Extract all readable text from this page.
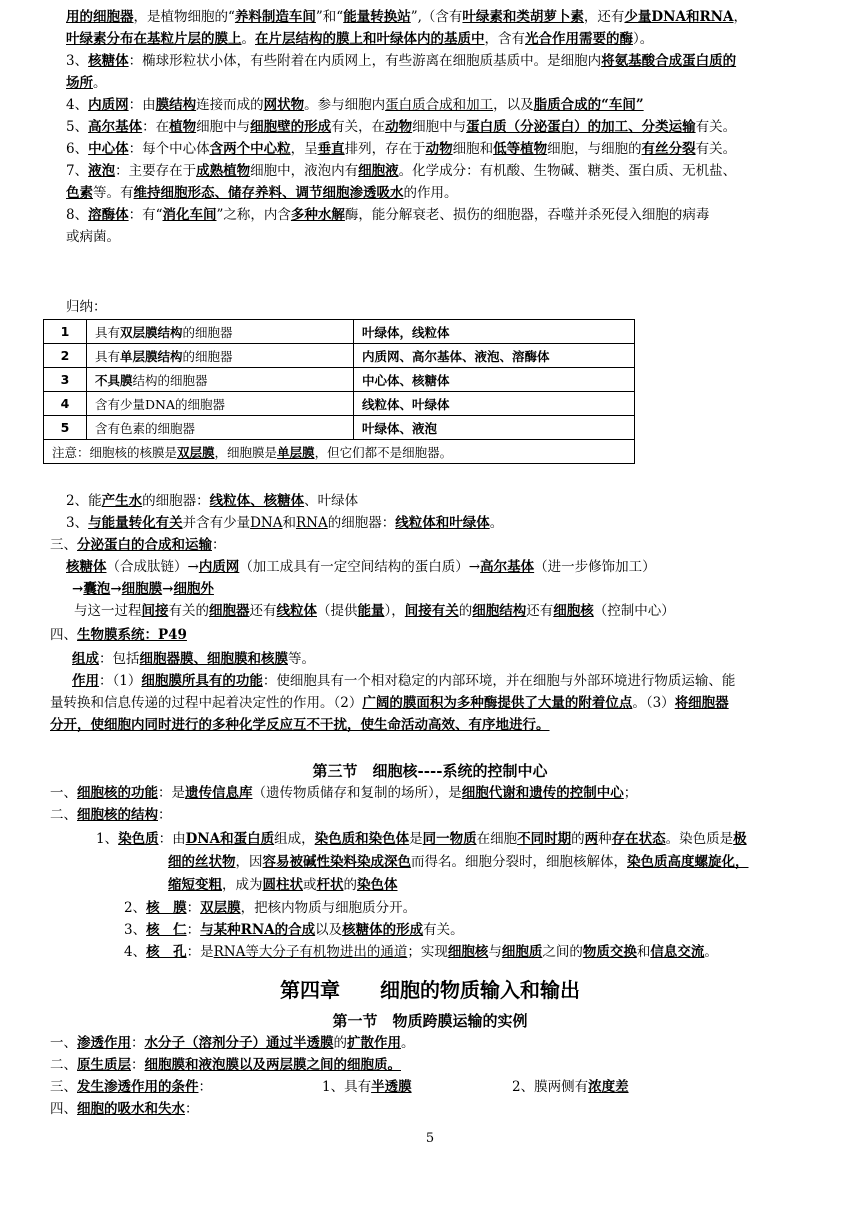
用的细胞器，是植物细胞的“养料制造车间”和“能量转换站”,（含有叶绿素和类胡萝卜素，还有少量DNA和RNA，
叶绿素分布在基粒片层的膜上。在片层结构的膜上和叶绿体内的基质中，含有光合作用需要的酶）。
3、核糖体：椭球形粒状小体，有些附着在内质网上，有些游离在细胞质基质中。是细胞内将氨基酸合成蛋白质的
场所。
4、内质网：由膜结构连接而成的网状物。参与细胞内蛋白质合成和加工，以及脂质合成的“车间”
5、高尔基体：在植物细胞中与细胞壁的形成有关，在动物细胞中与蛋白质（分泌蛋白）的加工、分类运输有关。
6、中心体：每个中心体含两个中心粒，呈垂直排列，存在于动物细胞和低等植物细胞，与细胞的有丝分裂有关。
7、液泡：主要存在于成熟植物细胞中，液泡内有细胞液。化学成分：有机酸、生物碱、糖类、蛋白质、无机盐、
色素等。有维持细胞形态、储存养料、调节细胞渗透吸水的作用。
8、溶酶体：有“消化车间”之称，内含多种水解酶，能分解衰老、损伤的细胞器，吞噬并杀死侵入细胞的病毒
或病菌。
归纳：
1	具有双层膜结构的细胞器	叶绿体，线粒体
2	具有单层膜结构的细胞器	内质网、高尔基体、液泡、溶酶体
3	不具膜结构的细胞器	中心体、核糖体
4	含有少量DNA的细胞器	线粒体、叶绿体
5	含有色素的细胞器	叶绿体、液泡
注意：细胞核的核膜是双层膜，细胞膜是单层膜，但它们都不是细胞器。		
2、能产生水的细胞器：线粒体、核糖体、叶绿体
3、与能量转化有关并含有少量DNA和RNA的细胞器：线粒体和叶绿体。
三、分泌蛋白的合成和运输：
核糖体（合成肽链）→内质网（加工成具有一定空间结构的蛋白质）→高尔基体（进一步修饰加工）
→囊泡→细胞膜→细胞外
与这一过程间接有关的细胞器还有线粒体（提供能量），间接有关的细胞结构还有细胞核（控制中心）
四、生物膜系统：P49
组成：包括细胞器膜、细胞膜和核膜等。
作用：（1）细胞膜所具有的功能：使细胞具有一个相对稳定的内部环境，并在细胞与外部环境进行物质运输、能
量转换和信息传递的过程中起着决定性的作用。（2）广阔的膜面积为多种酶提供了大量的附着位点。（3）将细胞器
分开，使细胞内同时进行的多种化学反应互不干扰，使生命活动高效、有序地进行。
第三节　细胞核----系统的控制中心
一、细胞核的功能：是遗传信息库（遗传物质储存和复制的场所），是细胞代谢和遗传的控制中心；
二、细胞核的结构：
1、染色质：由DNA和蛋白质组成，染色质和染色体是同一物质在细胞不同时期的两种存在状态。染色质是极
细的丝状物，因容易被碱性染料染成深色而得名。细胞分裂时，细胞核解体，染色质高度螺旋化，
缩短变粗，成为圆柱状或杆状的染色体
2、核　膜：双层膜，把核内物质与细胞质分开。
3、核　仁：与某种RNA的合成以及核糖体的形成有关。
4、核　孔：是RNA等大分子有机物进出的通道；实现细胞核与细胞质之间的物质交换和信息交流。
第四章　　细胞的物质输入和输出
第一节　物质跨膜运输的实例
一、渗透作用：水分子（溶剂分子）通过半透膜的扩散作用。
二、原生质层：细胞膜和液泡膜以及两层膜之间的细胞质。
三、发生渗透作用的条件：	1、具有半透膜	2、膜两侧有浓度差
四、细胞的吸水和失水：
5
